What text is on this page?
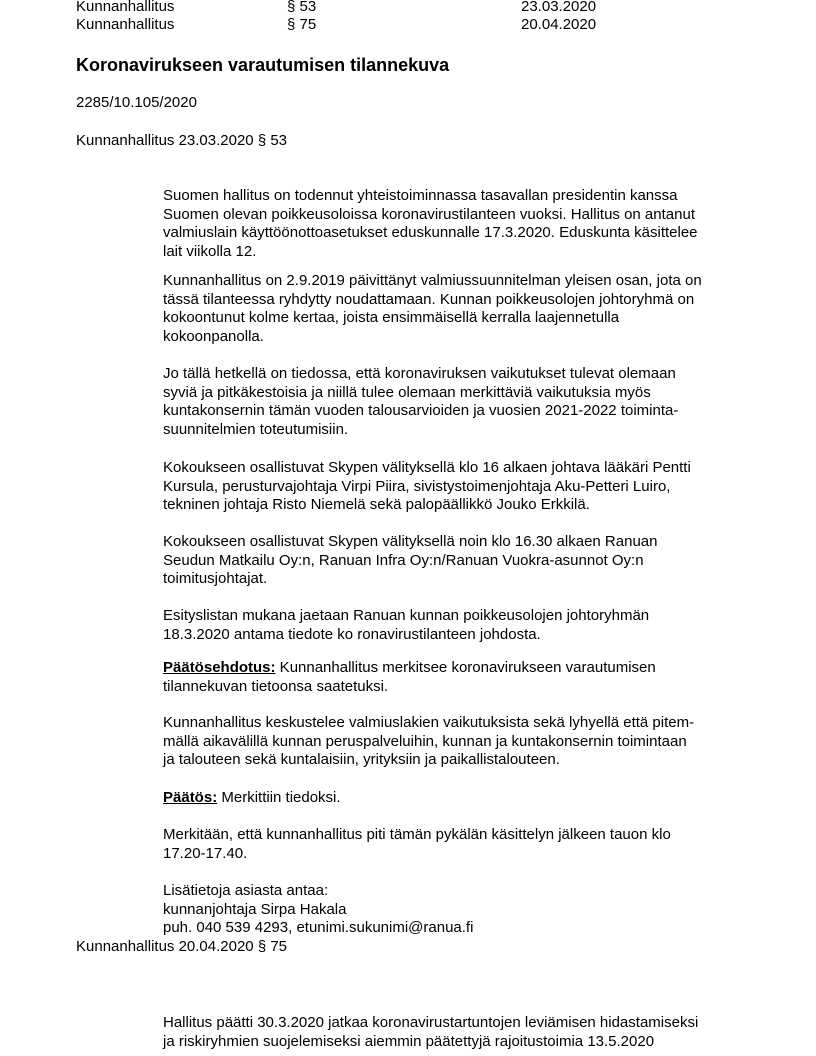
Kunnanhallitus	§ 53	23.03.2020
Kunnanhallitus	§ 75	20.04.2020
Koronavirukseen varautumisen tilannekuva
2285/10.105/2020
Kunnanhallitus 23.03.2020 § 53
Suomen hallitus on todennut yhteistoiminnassa tasavallan presidentin kanssa
Suomen olevan poikkeusoloissa koronavirustilanteen vuoksi. Hallitus on antanut
valmiuslain käyttöönottoasetukset eduskunnalle 17.3.2020. Eduskunta käsittelee
lait viikolla 12.
Kunnanhallitus on 2.9.2019 päivittänyt valmiussuunnitelman yleisen osan, jota on
tässä tilanteessa ryhdytty noudattamaan. Kunnan poikkeusolojen johtoryhmä on
kokoontunut kolme kertaa, joista ensimmäisellä kerralla laajennetulla
kokoonpanolla.
Jo tällä hetkellä on tiedossa, että koronaviruksen vaikutukset tulevat olemaan
syviä ja pitkäkestoisia ja niillä tulee olemaan merkittäviä vaikutuksia myös
kuntakonsernin tämän vuoden talousarvioiden ja vuosien 2021-2022 toiminta-
suunnitelmien toteutumisiin.
Kokoukseen osallistuvat Skypen välityksellä klo 16 alkaen johtava lääkäri Pentti
Kursula, perusturvajohtaja Virpi Piira, sivistystoimenjohtaja Aku-Petteri Luiro,
tekninen johtaja Risto Niemelä sekä palopäällikkö Jouko Erkkilä.
Kokoukseen osallistuvat Skypen välityksellä noin klo 16.30 alkaen Ranuan
Seudun Matkailu Oy:n, Ranuan Infra Oy:n/Ranuan Vuokra-asunnot Oy:n
toimitusjohtajat.
Esityslistan mukana jaetaan Ranuan kunnan poikkeusolojen johtoryhmän
18.3.2020 antama tiedote ko ronavirustilanteen johdosta.
Päätösehdotus: Kunnanhallitus merkitsee koronavirukseen varautumisen
tilannekuvan tietoonsa saatetuksi.
Kunnanhallitus keskustelee valmiuslakien vaikutuksista sekä lyhyellä että pitem-
mällä aikavälillä kunnan peruspalveluihin, kunnan ja kuntakonsernin toimintaan
ja talouteen sekä kuntalaisiin, yrityksiin ja paikallistalouteen.
Päätös: Merkittiin tiedoksi.
Merkitään, että kunnanhallitus piti tämän pykälän käsittelyn jälkeen tauon klo
17.20-17.40.
Lisätietoja asiasta antaa:
kunnanjohtaja Sirpa Hakala
puh. 040 539 4293, etunimi.sukunimi@ranua.fi
Kunnanhallitus 20.04.2020 § 75
Hallitus päätti 30.3.2020 jatkaa koronavirustartuntojen leviämisen hidastamiseksi
ja riskiryhmien suojelemiseksi aiemmin päätettyjä rajoitustoimia 13.5.2020
